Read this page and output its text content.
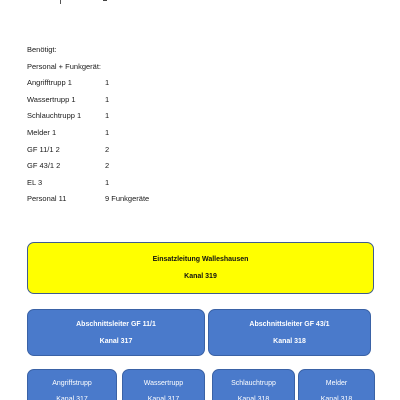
Benötigt:
Personal + Funkgerät:
Angrifftrupp 1	1
Wassertrupp 1	1
Schlauchtrupp 1	1
Melder 1	1
GF 11/1 2	2
GF 43/1 2	2
EL 3	1
Personal 11	9 Funkgeräte
Einsatzleitung Walleshausen
Kanal 319
Abschnittsleiter GF 11/1
Kanal 317
Abschnittsleiter GF 43/1
Kanal 318
Angriffstrupp
Kanal 317
Wassertrupp
Kanal 317
Schlauchtrupp
Kanal 318
Melder
Kanal 318
